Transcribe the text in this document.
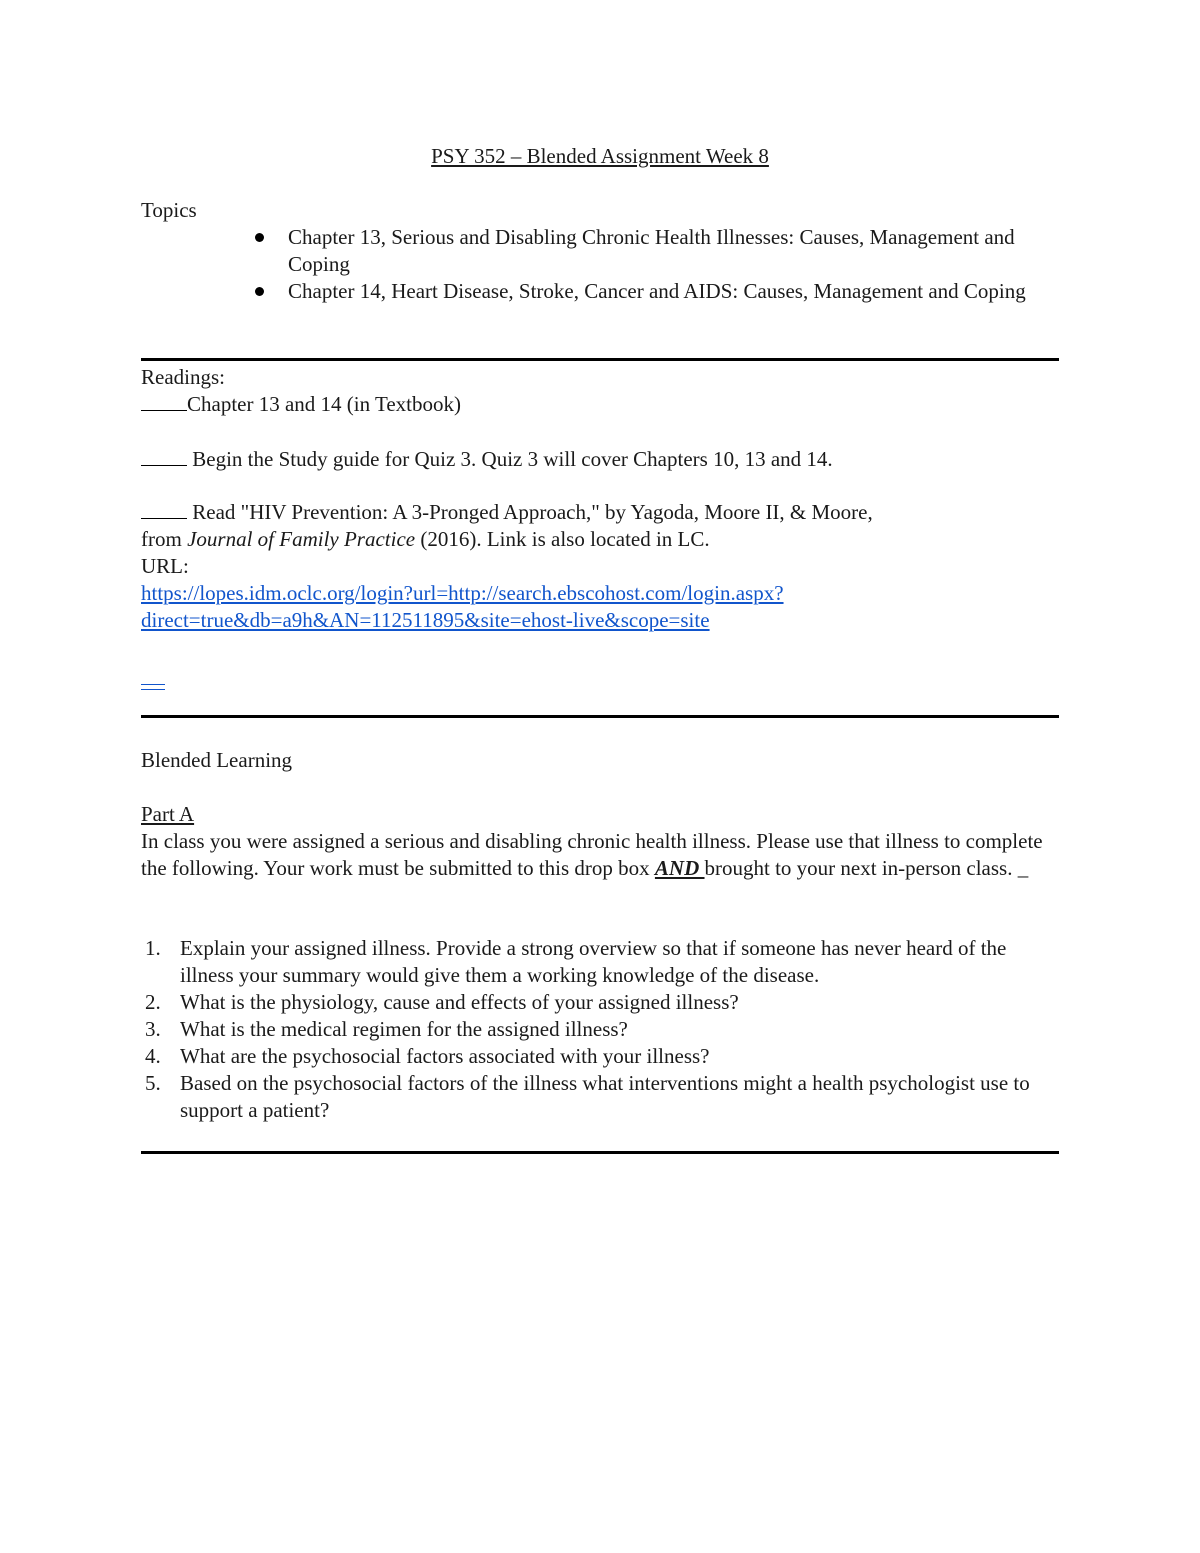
PSY 352 – Blended Assignment Week 8
Topics
Chapter 13, Serious and Disabling Chronic Health Illnesses: Causes, Management and Coping
Chapter 14, Heart Disease, Stroke, Cancer and AIDS: Causes, Management and Coping
Readings:
Chapter 13 and 14 (in Textbook)
Begin the Study guide for Quiz 3. Quiz 3 will cover Chapters 10, 13 and 14.
Read "HIV Prevention: A 3-Pronged Approach," by Yagoda, Moore II, & Moore,
from Journal of Family Practice (2016). Link is also located in LC.
URL:
https://lopes.idm.oclc.org/login?url=http://search.ebscohost.com/login.aspx?
direct=true&db=a9h&AN=112511895&site=ehost-live&scope=site
Blended Learning
Part A
In class you were assigned a serious and disabling chronic health illness. Please use that illness to complete the following. Your work must be submitted to this drop box AND brought to your next in-person class. _
1. Explain your assigned illness. Provide a strong overview so that if someone has never heard of the illness your summary would give them a working knowledge of the disease.
2. What is the physiology, cause and effects of your assigned illness?
3. What is the medical regimen for the assigned illness?
4. What are the psychosocial factors associated with your illness?
5. Based on the psychosocial factors of the illness what interventions might a health psychologist use to support a patient?
